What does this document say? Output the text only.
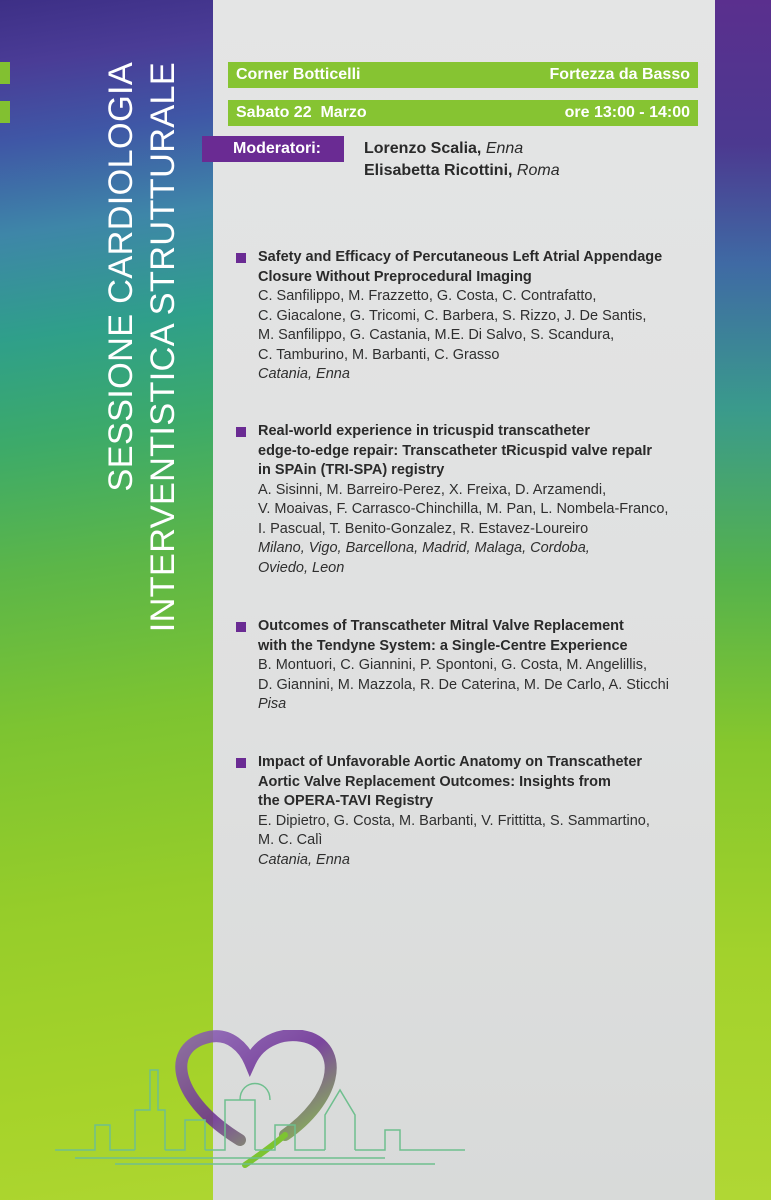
SESSIONE CARDIOLOGIA INTERVENTISTICA STRUTTURALE	Corner Botticelli	Fortezza da Basso
Sabato 22  Marzo	ore 13:00 - 14:00
Moderatori:	Lorenzo Scalia, Enna
Elisabetta Ricottini, Roma
Safety and Efficacy of Percutaneous Left Atrial Appendage
Closure Without Preprocedural Imaging
C. Sanfilippo, M. Frazzetto, G. Costa, C. Contrafatto,
C. Giacalone, G. Tricomi, C. Barbera, S. Rizzo, J. De Santis,
M. Sanfilippo, G. Castania, M.E. Di Salvo, S. Scandura,
C. Tamburino, M. Barbanti, C. Grasso
Catania, Enna
Real-world experience in tricuspid transcatheter
edge-to-edge repair: Transcatheter tRicuspid valve repaIr
in SPAin (TRI-SPA) registry
A. Sisinni, M. Barreiro-Perez, X. Freixa, D. Arzamendi,
V. Moaivas, F. Carrasco-Chinchilla, M. Pan, L. Nombela-Franco,
I. Pascual, T. Benito-Gonzalez, R. Estavez-Loureiro
Milano, Vigo, Barcellona, Madrid, Malaga, Cordoba,
Oviedo, Leon
Outcomes of Transcatheter Mitral Valve Replacement
with the Tendyne System: a Single-Centre Experience
B. Montuori, C. Giannini, P. Spontoni, G. Costa, M. Angelillis,
D. Giannini, M. Mazzola, R. De Caterina, M. De Carlo, A. Sticchi
Pisa
Impact of Unfavorable Aortic Anatomy on Transcatheter
Aortic Valve Replacement Outcomes: Insights from
the OPERA-TAVI Registry
E. Dipietro, G. Costa, M. Barbanti, V. Frittitta, S. Sammartino,
M. C. Calì
Catania, Enna
